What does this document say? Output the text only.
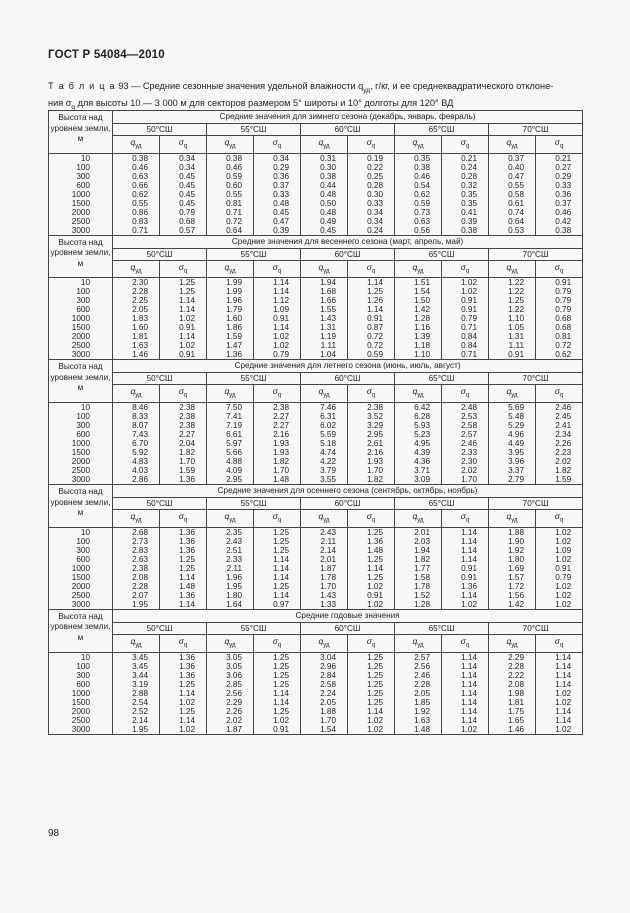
ГОСТ Р 54084—2010
Т а б л и ц а 93 — Средние сезонные значения удельной влажности $q_{уд}$, г/кг, и ее среднеквадратического отклоне-
ния $\sigma_q$ для высоты 10 — 3 000 м для секторов размером 5° широты и 10° долготы для 120° ВД
Высота над уровнем земли, м	Средние значения для зимнего сезона (декабрь, январь, февраль)									
	50°СШ		55°СШ		60°СШ		65°СШ		70°СШ	
	$q_{уд}$	$\sigma_q$	$q_{уд}$	$\sigma_q$	$q_{уд}$	$\sigma_q$	$q_{уд}$	$\sigma_q$	$q_{уд}$	$\sigma_q$
10	0.38	0.34	0.38	0.34	0.31	0.19	0.35	0.21	0.37	0.21
100	0.46	0.34	0.46	0.29	0.30	0.22	0.38	0.24	0.40	0.27
300	0.63	0.45	0.59	0.36	0.38	0.25	0.46	0.28	0.47	0.29
600	0.66	0.45	0.60	0.37	0.44	0.28	0.54	0.32	0.55	0.33
1000	0.62	0.45	0.55	0.33	0.48	0.30	0.62	0.35	0.58	0.36
1500	0.55	0.45	0.81	0.48	0.50	0.33	0.59	0.35	0.61	0.37
2000	0.86	0.79	0.71	0.45	0.48	0.34	0.73	0.41	0.74	0.46
2500	0.83	0.68	0.72	0.47	0.49	0.34	0.63	0.39	0.64	0.42
3000	0.71	0.57	0.64	0.39	0.45	0.24	0.56	0.38	0.53	0.38
Высота над уровнем земли, м	Средние значения для весеннего сезона (март, апрель, май)									
	50°СШ		55°СШ		60°СШ		65°СШ		70°СШ	
	$q_{уд}$	$\sigma_q$	$q_{уд}$	$\sigma_q$	$q_{уд}$	$\sigma_q$	$q_{уд}$	$\sigma_q$	$q_{уд}$	$\sigma_q$
10	2.30	1.25	1.99	1.14	1.94	1.14	1.51	1.02	1.22	0.91
100	2.28	1.25	1.99	1.14	1.68	1.25	1.54	1.02	1.22	0.79
300	2.25	1.14	1.96	1.12	1.66	1.26	1.50	0.91	1.25	0.79
600	2.05	1.14	1.79	1.09	1.55	1.14	1.42	0.91	1.22	0.79
1000	1.83	1.02	1.60	0.91	1.43	0.91	1.28	0.79	1.10	0.68
1500	1.60	0.91	1.86	1.14	1.31	0.87	1.16	0.71	1.05	0.68
2000	1.81	1.14	1.59	1.02	1.19	0.72	1.39	0.84	1.31	0.81
2500	1.63	1.02	1.47	1.02	1.11	0.72	1.18	0.84	1.11	0.72
3000	1.46	0.91	1.36	0.79	1.04	0.59	1.10	0.71	0.91	0.62
Высота над уровнем земли, м	Средние значения для летнего сезона (июнь, июль, август)									
	50°СШ		55°СШ		60°СШ		65°СШ		70°СШ	
	$q_{уд}$	$\sigma_q$	$q_{уд}$	$\sigma_q$	$q_{уд}$	$\sigma_q$	$q_{уд}$	$\sigma_q$	$q_{уд}$	$\sigma_q$
10	8.46	2.38	7.50	2.38	7.46	2.38	6.42	2.48	5.69	2.46
100	8.33	2.38	7.41	2.27	6.31	3.52	6.28	2.53	5.48	2.45
300	8.07	2.38	7.19	2.27	6.02	3.29	5.93	2.58	5.29	2.41
600	7.43	2.27	6.61	2.16	5.59	2.95	5.23	2.57	4.96	2.34
1000	6.70	2.04	5.97	1.93	5.18	2.61	4.95	2.46	4.49	2.26
1500	5.92	1.82	5.66	1.93	4.74	2.16	4.39	2.33	3.95	2.23
2000	4.83	1.70	4.88	1.82	4.22	1.93	4.36	2.30	3.96	2.02
2500	4.03	1.59	4.09	1.70	3.79	1.70	3.71	2.02	3.37	1.82
3000	2.86	1.36	2.95	1.48	3.55	1.82	3.09	1.70	2.79	1.59
Высота над уровнем земли, м	Средние значения для осеннего сезона (сентябрь, октябрь, ноябрь)									
	50°СШ		55°СШ		60°СШ		65°СШ		70°СШ	
	$q_{уд}$	$\sigma_q$	$q_{уд}$	$\sigma_q$	$q_{уд}$	$\sigma_q$	$q_{уд}$	$\sigma_q$	$q_{уд}$	$\sigma_q$
10	2.68	1.36	2.35	1.25	2.43	1.25	2.01	1.14	1.88	1.02
100	2.73	1.36	2.43	1.25	2.11	1.36	2.03	1.14	1.90	1.02
300	2.83	1.36	2.51	1.25	2.14	1.48	1.94	1.14	1.92	1.09
600	2.63	1.25	2.33	1.14	2.01	1.25	1.82	1.14	1.80	1.02
1000	2.38	1.25	2.11	1.14	1.87	1.14	1.77	0.91	1.69	0.91
1500	2.08	1.14	1.96	1.14	1.78	1.25	1.58	0.91	1.57	0.79
2000	2.28	1.48	1.95	1.25	1.70	1.02	1.78	1.36	1.72	1.02
2500	2.07	1.36	1.80	1.14	1.43	0.91	1.52	1.14	1.56	1.02
3000	1.95	1.14	1.64	0.97	1.33	1.02	1.28	1.02	1.42	1.02
Высота над уровнем земли, м	Средние годовые значения									
	50°СШ		55°СШ		60°СШ		65°СШ		70°СШ	
	$q_{уд}$	$\sigma_q$	$q_{уд}$	$\sigma_q$	$q_{уд}$	$\sigma_q$	$q_{уд}$	$\sigma_q$	$q_{уд}$	$\sigma_q$
10	3.45	1.36	3.05	1.25	3.04	1.25	2.57	1.14	2.29	1.14
100	3.45	1.36	3.05	1.25	2.96	1.25	2.56	1.14	2.28	1.14
300	3.44	1.36	3.06	1.25	2.84	1.25	2.46	1.14	2.22	1.14
600	3.19	1.25	2.85	1.25	2.58	1.25	2.28	1.14	2.08	1.14
1000	2.88	1.14	2.56	1.14	2.24	1.25	2.05	1.14	1.98	1.02
1500	2.54	1.02	2.29	1.14	2.05	1.25	1.85	1.14	1.81	1.02
2000	2.52	1.25	2.26	1.25	1.88	1.14	1.92	1.14	1.75	1.14
2500	2.14	1.14	2.02	1.02	1.70	1.02	1.63	1.14	1.65	1.14
3000	1.95	1.02	1.87	0.91	1.54	1.02	1.48	1.02	1.46	1.02
98
